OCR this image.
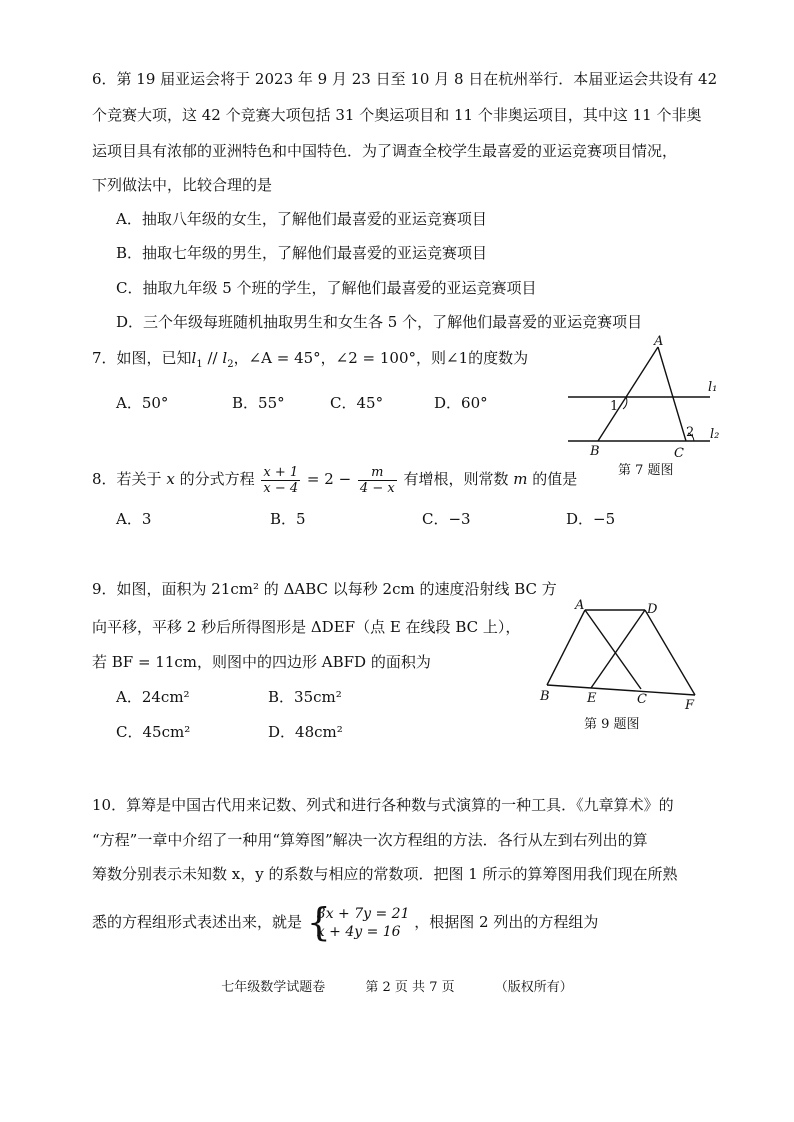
6．第 19 届亚运会将于 2023 年 9 月 23 日至 10 月 8 日在杭州举行．本届亚运会共设有 42
个竞赛大项，这 42 个竞赛大项包括 31 个奥运项目和 11 个非奥运项目，其中这 11 个非奥
运项目具有浓郁的亚洲特色和中国特色．为了调查全校学生最喜爱的亚运竞赛项目情况，
下列做法中，比较合理的是
A．抽取八年级的女生，了解他们最喜爱的亚运竞赛项目
B．抽取七年级的男生，了解他们最喜爱的亚运竞赛项目
C．抽取九年级 5 个班的学生，了解他们最喜爱的亚运竞赛项目
D．三个年级每班随机抽取男生和女生各 5 个，了解他们最喜爱的亚运竞赛项目
7．如图，已知$l_1 // l_2$，∠A = 45°，∠2 = 100°，则∠1的度数为
A．50°	B．55°	C．45°	D．60°
A
B	C
1
2
l₁
l₂
第 7 题图
8．若关于 x 的分式方程 $\frac{x + 1}{x - 4} = 2 - \frac{m}{4 - x}$ 有增根，则常数 m 的值是
A．3	B．5	C．−3	D．−5
9．如图，面积为 21cm² 的 ΔABC 以每秒 2cm 的速度沿射线 BC 方
向平移，平移 2 秒后所得图形是 ΔDEF（点 E 在线段 BC 上），
若 BF = 11cm，则图中的四边形 ABFD 的面积为
A．24cm²	B．35cm²
C．45cm²	D．48cm²
A	D
B	E	C	F
第 9 题图
10．算筹是中国古代用来记数、列式和进行各种数与式演算的一种工具．《九章算术》的
“方程”一章中介绍了一种用“算筹图”解决一次方程组的方法．各行从左到右列出的算
筹数分别表示未知数 x，y 的系数与相应的常数项．把图 1 所示的算筹图用我们现在所熟
悉的方程组形式表述出来，就是 {
3x + 7y = 21
x + 4y = 16
，根据图 2 列出的方程组为
七年级数学试题卷	第 2 页 共 7 页	（版权所有）
